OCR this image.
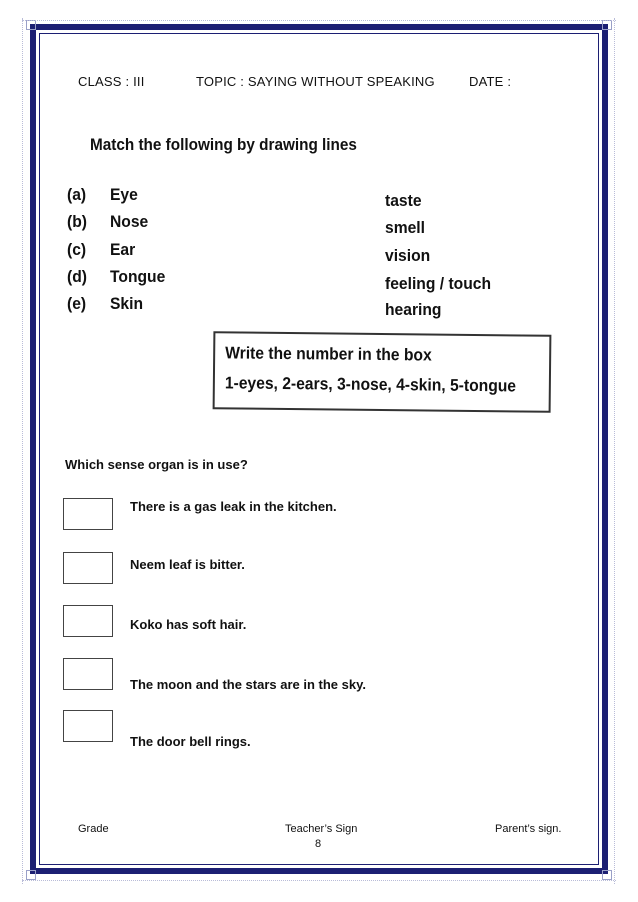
CLASS : III	TOPIC : SAYING WITHOUT SPEAKING	DATE :
Match the following by drawing lines
(a) Eye
(b) Nose
(c) Ear
(d) Tongue
(e) Skin
taste
smell
vision
feeling / touch
hearing
Write the number in the box
1-eyes, 2-ears, 3-nose, 4-skin, 5-tongue
Which sense organ is in use?
There is a gas leak in the kitchen.
Neem leaf is bitter.
Koko has soft hair.
The moon and the stars are in the sky.
The door bell rings.
Grade	Teacher’s Sign	Parent’s sign.
8
